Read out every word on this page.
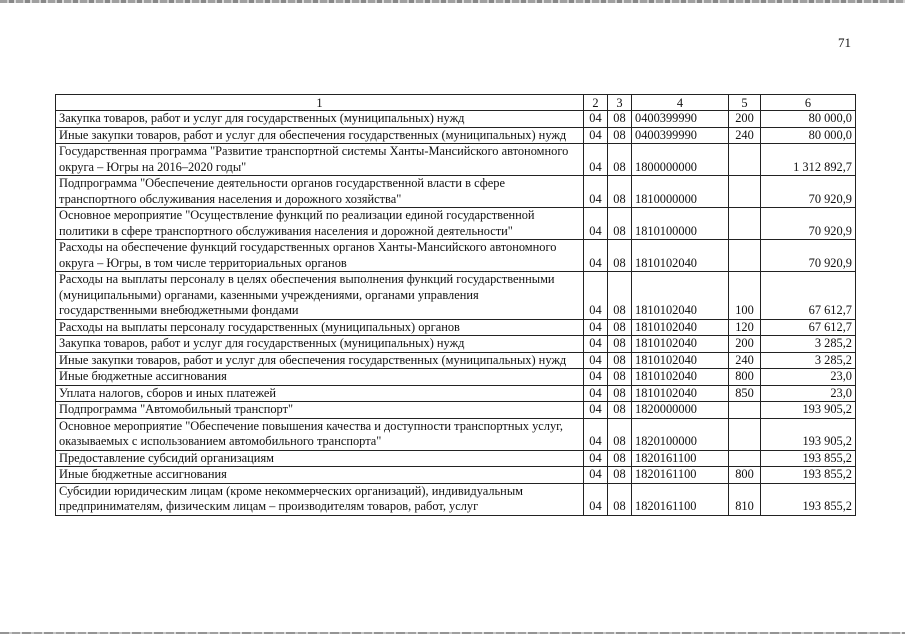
71
1	2	3	4	5	6
Закупка товаров, работ и услуг для государственных (муниципальных) нужд	04	08	0400399990	200	80 000,0
Иные закупки товаров, работ и услуг для обеспечения государственных (муниципальных) нужд	04	08	0400399990	240	80 000,0
Государственная программа "Развитие транспортной системы Ханты-Мансийского автономного округа – Югры на 2016–2020 годы"	04	08	1800000000		1 312 892,7
Подпрограмма "Обеспечение деятельности органов государственной власти в сфере транспортного обслуживания населения и дорожного хозяйства"	04	08	1810000000		70 920,9
Основное мероприятие "Осуществление функций по реализации единой государственной политики в сфере транспортного обслуживания населения и дорожной деятельности"	04	08	1810100000		70 920,9
Расходы на обеспечение функций государственных органов Ханты-Мансийского автономного округа – Югры, в том числе территориальных органов	04	08	1810102040		70 920,9
Расходы на выплаты персоналу в целях обеспечения выполнения функций государственными (муниципальными) органами, казенными учреждениями, органами управления государственными внебюджетными фондами	04	08	1810102040	100	67 612,7
Расходы на выплаты персоналу государственных (муниципальных) органов	04	08	1810102040	120	67 612,7
Закупка товаров, работ и услуг для государственных (муниципальных) нужд	04	08	1810102040	200	3 285,2
Иные закупки товаров, работ и услуг для обеспечения государственных (муниципальных) нужд	04	08	1810102040	240	3 285,2
Иные бюджетные ассигнования	04	08	1810102040	800	23,0
Уплата налогов, сборов и иных платежей	04	08	1810102040	850	23,0
Подпрограмма "Автомобильный транспорт"	04	08	1820000000		193 905,2
Основное мероприятие "Обеспечение повышения качества и доступности транспортных услуг, оказываемых с использованием автомобильного транспорта"	04	08	1820100000		193 905,2
Предоставление субсидий организациям	04	08	1820161100		193 855,2
Иные бюджетные ассигнования	04	08	1820161100	800	193 855,2
Субсидии юридическим лицам (кроме некоммерческих организаций), индивидуальным предпринимателям, физическим лицам – производителям товаров, работ, услуг	04	08	1820161100	810	193 855,2
